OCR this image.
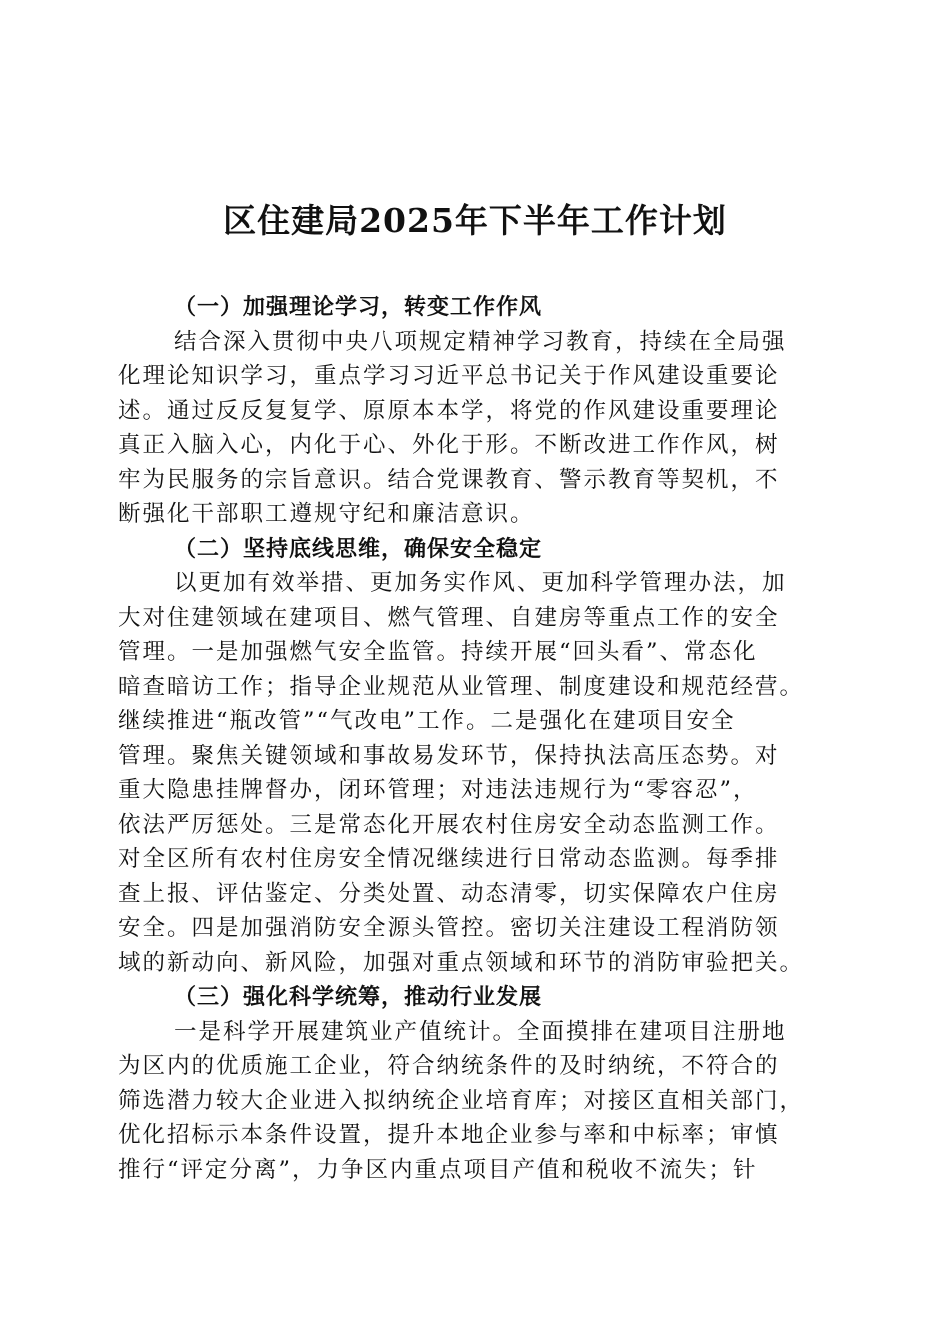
区住建局2025年下半年工作计划
（一）加强理论学习，转变工作作风

结合深入贯彻中央八项规定精神学习教育，持续在全局强
化理论知识学习，重点学习习近平总书记关于作风建设重要论
述。通过反反复复学、原原本本学，将党的作风建设重要理论
真正入脑入心，内化于心、外化于形。不断改进工作作风，树
牢为民服务的宗旨意识。结合党课教育、警示教育等契机，不
断强化干部职工遵规守纪和廉洁意识。

（二）坚持底线思维，确保安全稳定

以更加有效举措、更加务实作风、更加科学管理办法，加
大对住建领域在建项目、燃气管理、自建房等重点工作的安全
管理。一是加强燃气安全监管。持续开展“回头看”、常态化
暗查暗访工作；指导企业规范从业管理、制度建设和规范经营。
继续推进“瓶改管”“气改电”工作。二是强化在建项目安全
管理。聚焦关键领域和事故易发环节，保持执法高压态势。对
重大隐患挂牌督办，闭环管理；对违法违规行为“零容忍”，
依法严厉惩处。三是常态化开展农村住房安全动态监测工作。
对全区所有农村住房安全情况继续进行日常动态监测。每季排
查上报、评估鉴定、分类处置、动态清零，切实保障农户住房
安全。四是加强消防安全源头管控。密切关注建设工程消防领
域的新动向、新风险，加强对重点领域和环节的消防审验把关。

（三）强化科学统筹，推动行业发展

一是科学开展建筑业产值统计。全面摸排在建项目注册地
为区内的优质施工企业，符合纳统条件的及时纳统，不符合的
筛选潜力较大企业进入拟纳统企业培育库；对接区直相关部门，
优化招标示本条件设置，提升本地企业参与率和中标率；审慎
推行“评定分离”，力争区内重点项目产值和税收不流失；针
